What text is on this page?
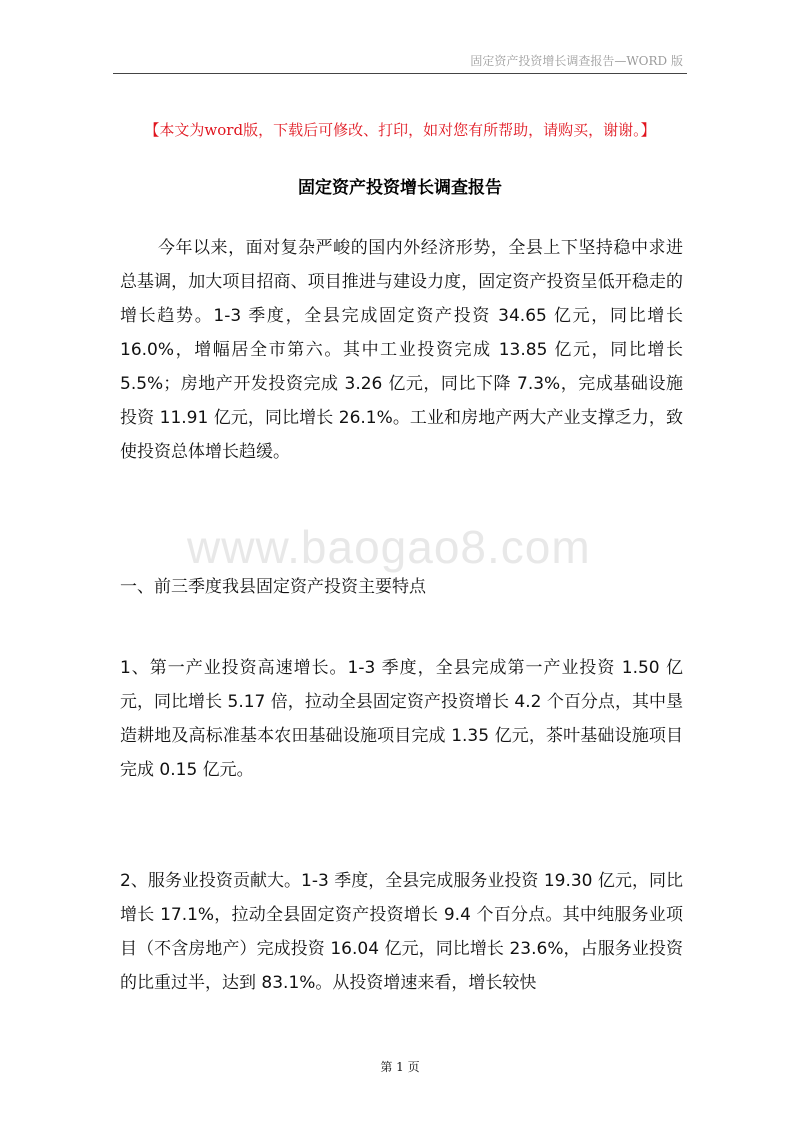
固定资产投资增长调查报告—WORD 版
【本文为word版，下载后可修改、打印，如对您有所帮助，请购买，谢谢。】
固定资产投资增长调查报告
www.baogao8.com

今年以来，面对复杂严峻的国内外经济形势，全县上下坚持稳中求进总基调，加大项目招商、项目推进与建设力度，固定资产投资呈低开稳走的增长趋势。1-3 季度，全县完成固定资产投资 34.65 亿元，同比增长 16.0%，增幅居全市第六。其中工业投资完成 13.85 亿元，同比增长 5.5%；房地产开发投资完成 3.26 亿元，同比下降 7.3%，完成基础设施投资 11.91 亿元，同比增长 26.1%。工业和房地产两大产业支撑乏力，致使投资总体增长趋缓。

一、前三季度我县固定资产投资主要特点

1、第一产业投资高速增长。1-3 季度，全县完成第一产业投资 1.50 亿元，同比增长 5.17 倍，拉动全县固定资产投资增长 4.2 个百分点，其中垦造耕地及高标准基本农田基础设施项目完成 1.35 亿元，茶叶基础设施项目完成 0.15 亿元。

2、服务业投资贡献大。1-3 季度，全县完成服务业投资 19.30 亿元，同比增长 17.1%，拉动全县固定资产投资增长 9.4 个百分点。其中纯服务业项目（不含房地产）完成投资 16.04 亿元，同比增长 23.6%，占服务业投资的比重过半，达到 83.1%。从投资增速来看，增长较快

第 1 页
